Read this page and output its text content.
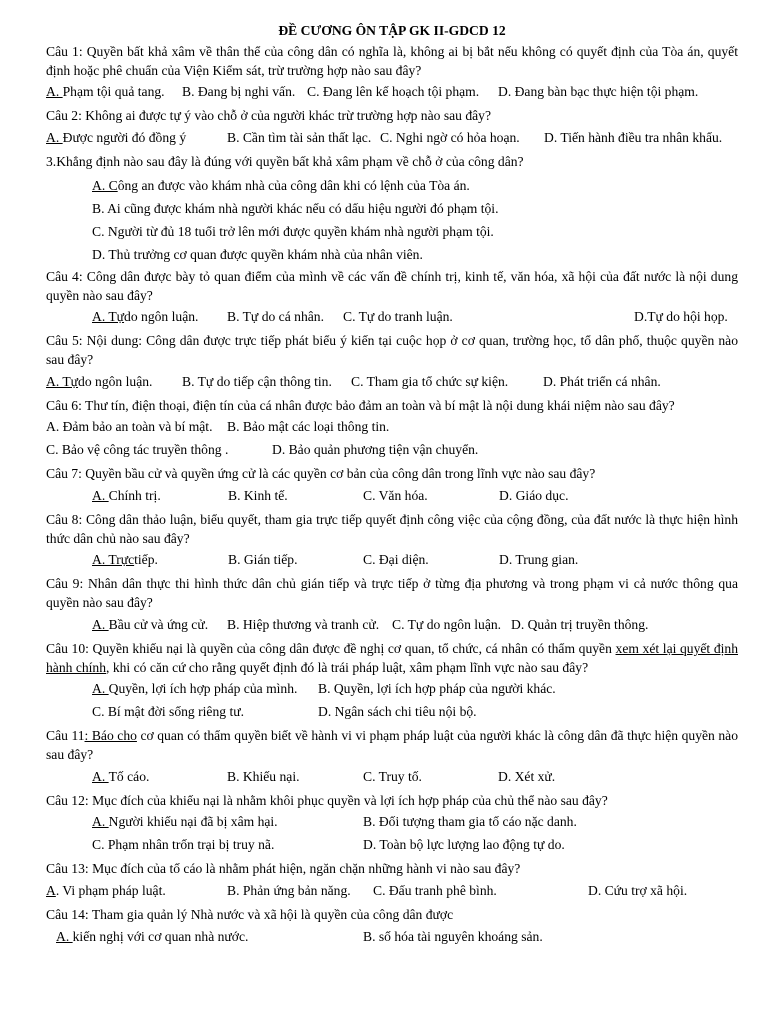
ĐỀ CƯƠNG ÔN TẬP GK II-GDCD 12
Câu 1: Quyền bất khả xâm về thân thể của công dân có nghĩa là, không ai bị bắt nếu không có quyết định của Tòa án, quyết định hoặc phê chuẩn của Viện Kiểm sát, trừ trường hợp nào sau đây?
A. Phạm tội quả tang.	B. Đang bị nghi vấn. C. Đang lên kế hoạch tội phạm.	D. Đang bàn bạc thực hiện tội phạm.
Câu 2: Không ai được tự ý vào chỗ ở của người khác trừ trường hợp nào sau đây?
A. Được người đó đồng ý	B. Cần tìm tài sản thất lạc. C. Nghi ngờ có hỏa hoạn.	D. Tiến hành điều tra nhân khẩu.
3.Khẳng định nào sau đây là đúng với quyền bất khả xâm phạm về chỗ ở của công dân?
A. Công an được vào khám nhà của công dân khi có lệnh của Tòa án.
B. Ai cũng được khám nhà người khác nếu có dấu hiệu người đó phạm tội.
C. Người từ đủ 18 tuổi trở lên mới được quyền khám nhà người phạm tội.
D. Thủ trưởng cơ quan được quyền khám nhà của nhân viên.
Câu 4: Công dân được bày tỏ quan điểm của mình về các vấn đề chính trị, kinh tế, văn hóa, xã hội của đất nước là nội dung quyền nào sau đây?
A. Tựdo ngôn luận.	B. Tự do cá nhân.	C. Tự do tranh luận.	D.Tự do hội họp.
Câu 5: Nội dung: Công dân được trực tiếp phát biểu ý kiến tại cuộc họp ở cơ quan, trường học, tổ dân phố, thuộc quyền nào sau đây?
A. Tựdo ngôn luận.	B. Tự do tiếp cận thông tin.	C. Tham gia tổ chức sự kiện.	D. Phát triển cá nhân.
Câu 6: Thư tín, điện thoại, điện tín của cá nhân được bảo đảm an toàn và bí mật là nội dung khái niệm nào sau đây?
A. Đảm bảo an toàn và bí mật.	B. Bảo mật các loại thông tin.
C. Bảo vệ công tác truyền thông .	D. Bảo quản phương tiện vận chuyển.
Câu 7: Quyền bầu cử và quyền ứng cử là các quyền cơ bản của công dân trong lĩnh vực nào sau đây?
A. Chính trị.	B. Kinh tế.	C. Văn hóa.	D. Giáo dục.
Câu 8: Công dân thảo luận, biểu quyết, tham gia trực tiếp quyết định công việc của cộng đồng, của đất nước là thực hiện hình thức dân chủ nào sau đây?
A. Trựctiếp.	B. Gián tiếp.	C. Đại diện.	D. Trung gian.
Câu 9: Nhân dân thực thi hình thức dân chủ gián tiếp và trực tiếp ở từng địa phương và trong phạm vi cả nước thông qua quyền nào sau đây?
A. Bầu cử và ứng cử.	B. Hiệp thương và tranh cử. C. Tự do ngôn luận. D. Quản trị truyền thông.
Câu 10: Quyền khiếu nại là quyền của công dân được đề nghị cơ quan, tổ chức, cá nhân có thẩm quyền xem xét lại quyết định hành chính, khi có căn cứ cho rằng quyết định đó là trái pháp luật, xâm phạm lĩnh vực nào sau đây?
A. Quyền, lợi ích hợp pháp của mình.	B. Quyền, lợi ích hợp pháp của người khác.
C. Bí mật đời sống riêng tư.	D. Ngân sách chi tiêu nội bộ.
Câu 11: Báo cho cơ quan có thẩm quyền biết về hành vi vi phạm pháp luật của người khác là công dân đã thực hiện quyền nào sau đây?
A. Tố cáo.	B. Khiếu nại.	C. Truy tố.	D. Xét xử.
Câu 12: Mục đích của khiếu nại là nhằm khôi phục quyền và lợi ích hợp pháp của chủ thể nào sau đây?
A. Người khiếu nại đã bị xâm hại.	B. Đối tượng tham gia tố cáo nặc danh.
C. Phạm nhân trốn trại bị truy nã.	D. Toàn bộ lực lượng lao động tự do.
Câu 13: Mục đích của tố cáo là nhằm phát hiện, ngăn chặn những hành vi nào sau đây?
A. Vi phạm pháp luật.	B. Phản ứng bản năng.	C. Đấu tranh phê bình.	D. Cứu trợ xã hội.
Câu 14: Tham gia quản lý Nhà nước và xã hội là quyền của công dân được
A. kiến nghị với cơ quan nhà nước.	B. số hóa tài nguyên khoáng sản.
